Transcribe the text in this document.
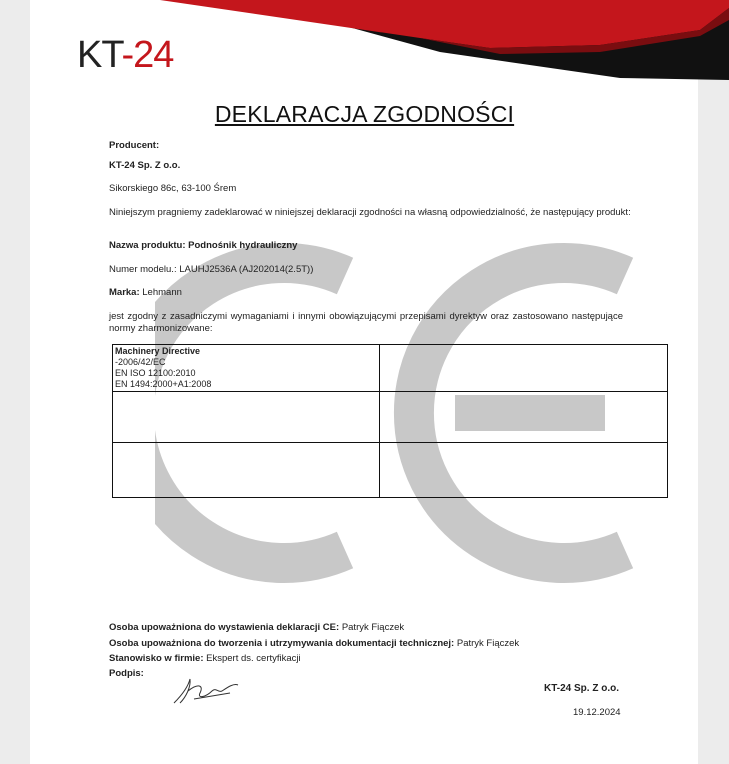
KT-24
DEKLARACJA ZGODNOŚCI
Producent:
KT-24 Sp. Z o.o.
Sikorskiego 86c, 63-100 Śrem
Niniejszym pragniemy zadeklarować w niniejszej deklaracji zgodności na własną odpowiedzialność, że następujący produkt:
Nazwa produktu: Podnośnik hydrauliczny
Numer modelu.: LAUHJ2536A (AJ202014(2.5T))
Marka: Lehmann
jest zgodny z zasadniczymi wymaganiami i innymi obowiązującymi przepisami dyrektyw oraz zastosowano następujące normy zharmonizowane:
Machinery Directive
-2006/42/EC
EN ISO 12100:2010
EN 1494:2000+A1:2008	

Osoba upoważniona do wystawienia deklaracji CE: Patryk Fiączek
Osoba upoważniona do tworzenia i utrzymywania dokumentacji technicznej: Patryk Fiączek
Stanowisko w firmie: Ekspert ds. certyfikacji
Podpis:
KT-24 Sp. Z o.o.
19.12.2024
